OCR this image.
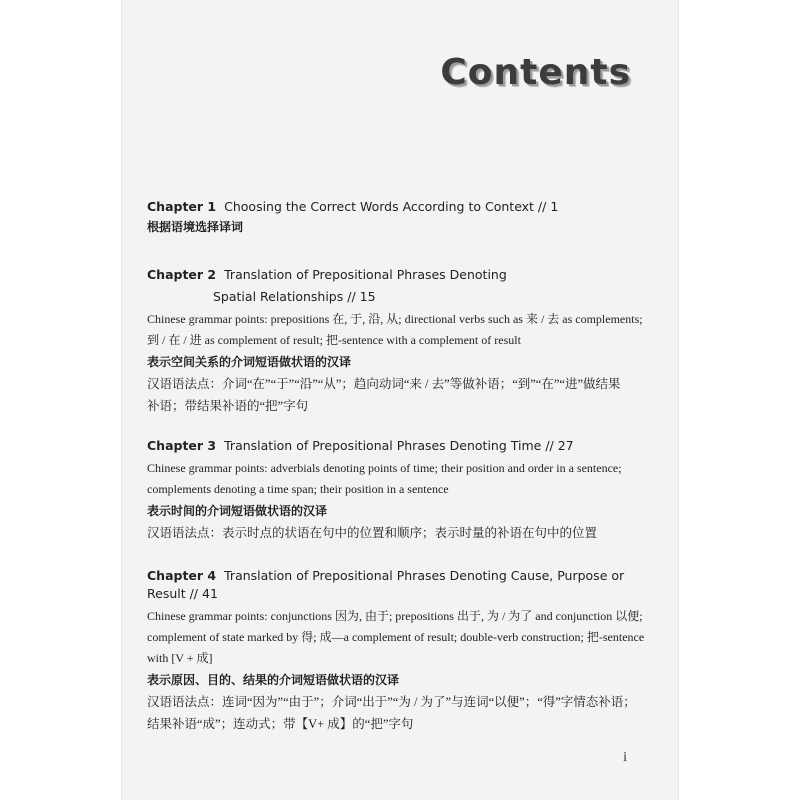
Contents
Chapter 1 Choosing the Correct Words According to Context // 1
根据语境选择译词
Chapter 2 Translation of Prepositional Phrases Denoting
Spatial Relationships // 15
Chinese grammar points: prepositions 在, 于, 沿, 从; directional verbs such as 来 / 去 as complements;
到 / 在 / 进 as complement of result; 把-sentence with a complement of result
表示空间关系的介词短语做状语的汉译
汉语语法点：介词“在”“于”“沿”“从”；趋向动词“来 / 去”等做补语；“到”“在”“进”做结果
补语；带结果补语的“把”字句
Chapter 3 Translation of Prepositional Phrases Denoting Time // 27
Chinese grammar points: adverbials denoting points of time; their position and order in a sentence;
complements denoting a time span; their position in a sentence
表示时间的介词短语做状语的汉译
汉语语法点：表示时点的状语在句中的位置和顺序；表示时量的补语在句中的位置
Chapter 4 Translation of Prepositional Phrases Denoting Cause, Purpose or Result // 41
Chinese grammar points: conjunctions 因为, 由于; prepositions 出于, 为 / 为了 and conjunction 以便;
complement of state marked by 得; 成—a complement of result; double-verb construction; 把-sentence
with [V + 成]
表示原因、目的、结果的介词短语做状语的汉译
汉语语法点：连词“因为”“由于”；介词“出于”“为 / 为了”与连词“以便”；“得”字情态补语；
结果补语“成”；连动式；带【V+ 成】的“把”字句
i
